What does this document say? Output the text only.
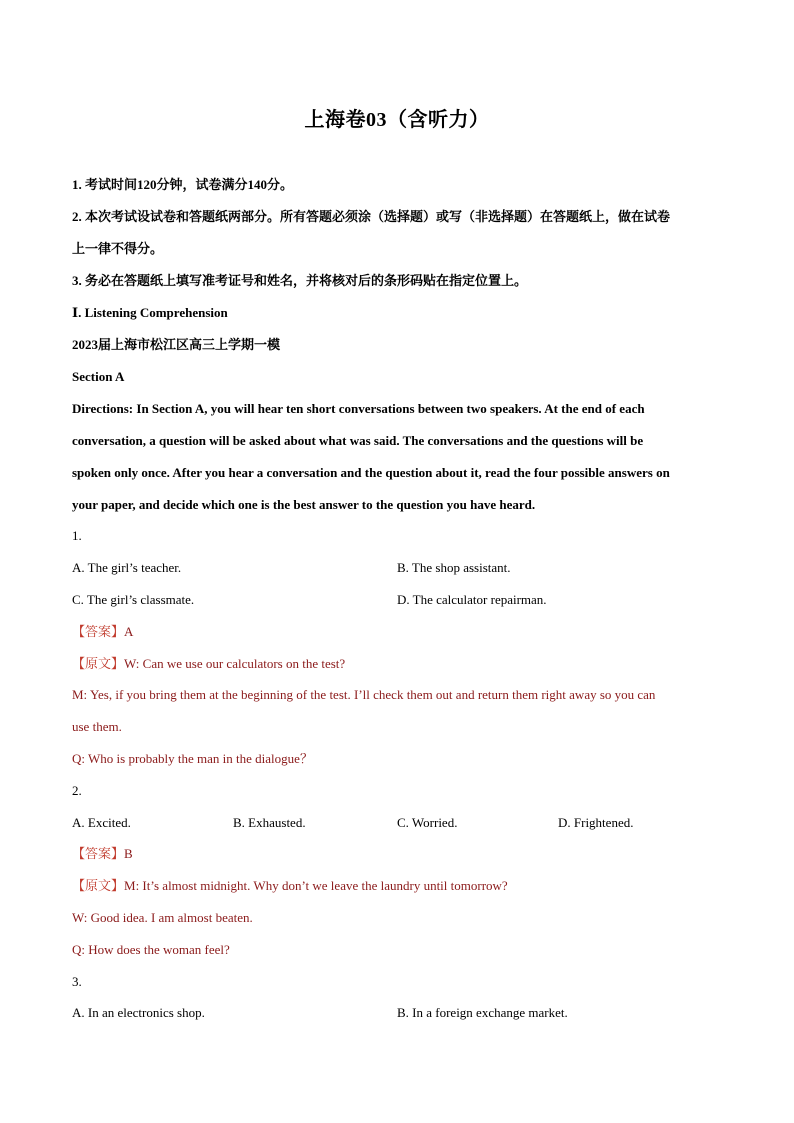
上海卷03（含听力）
1. 考试时间120分钟，试卷满分140分。
2. 本次考试设试卷和答题纸两部分。所有答题必须涂（选择题）或写（非选择题）在答题纸上，做在试卷
上一律不得分。
3. 务必在答题纸上填写准考证号和姓名，并将核对后的条形码贴在指定位置上。
Ⅰ. Listening Comprehension
2023届上海市松江区高三上学期一模
Section A
Directions: In Section A, you will hear ten short conversations between two speakers. At the end of each
conversation, a question will be asked about what was said. The conversations and the questions will be
spoken only once. After you hear a conversation and the question about it, read the four possible answers on
your paper, and decide which one is the best answer to the question you have heard.
1.
A. The girl’s teacher.	B. The shop assistant.
C. The girl’s classmate.	D. The calculator repairman.
【答案】A
【原文】W: Can we use our calculators on the test?
M: Yes, if you bring them at the beginning of the test. I’ll check them out and return them right away so you can
use them.
Q: Who is probably the man in the dialogue？
2.
A. Excited.	B. Exhausted.	C. Worried.	D. Frightened.
【答案】B
【原文】M: It’s almost midnight. Why don’t we leave the laundry until tomorrow?
W: Good idea. I am almost beaten.
Q: How does the woman feel?
3.
A. In an electronics shop.	B. In a foreign exchange market.
